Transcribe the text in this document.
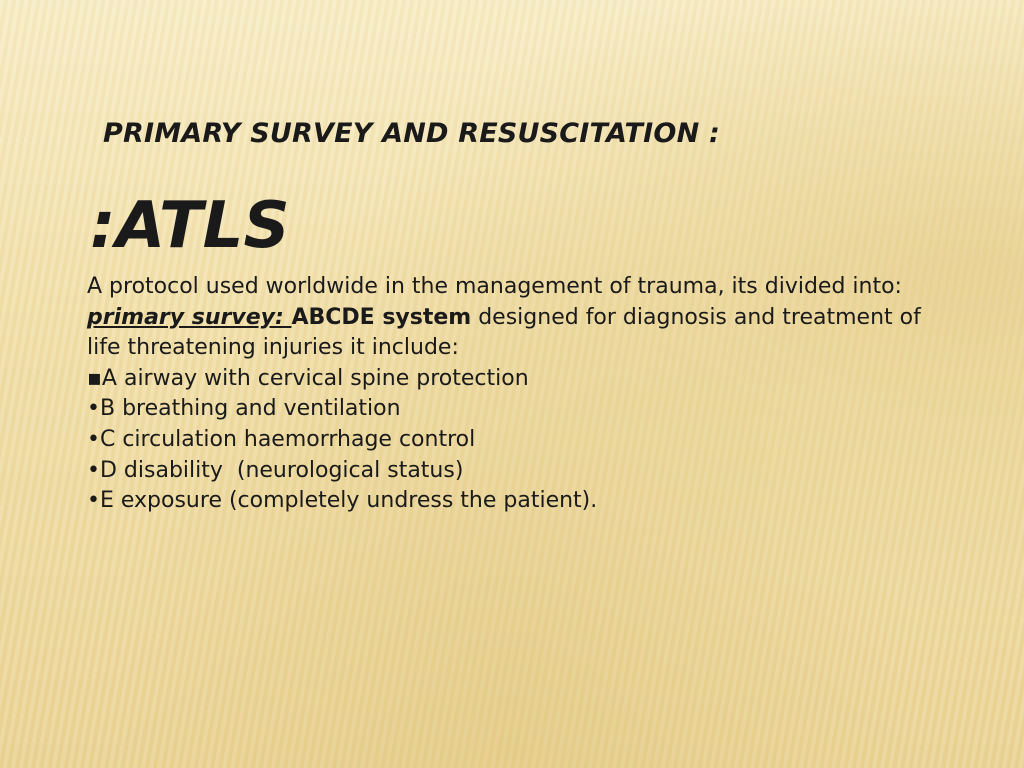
PRIMARY SURVEY AND RESUSCITATION :
:ATLS

A protocol used worldwide in the management of trauma, its divided into:

primary survey: ABCDE system designed for diagnosis and treatment of life threatening injuries it include:

▪A airway with cervical spine protection
•B breathing and ventilation
•C circulation haemorrhage control
•D disability  (neurological status)
•E exposure (completely undress the patient).
